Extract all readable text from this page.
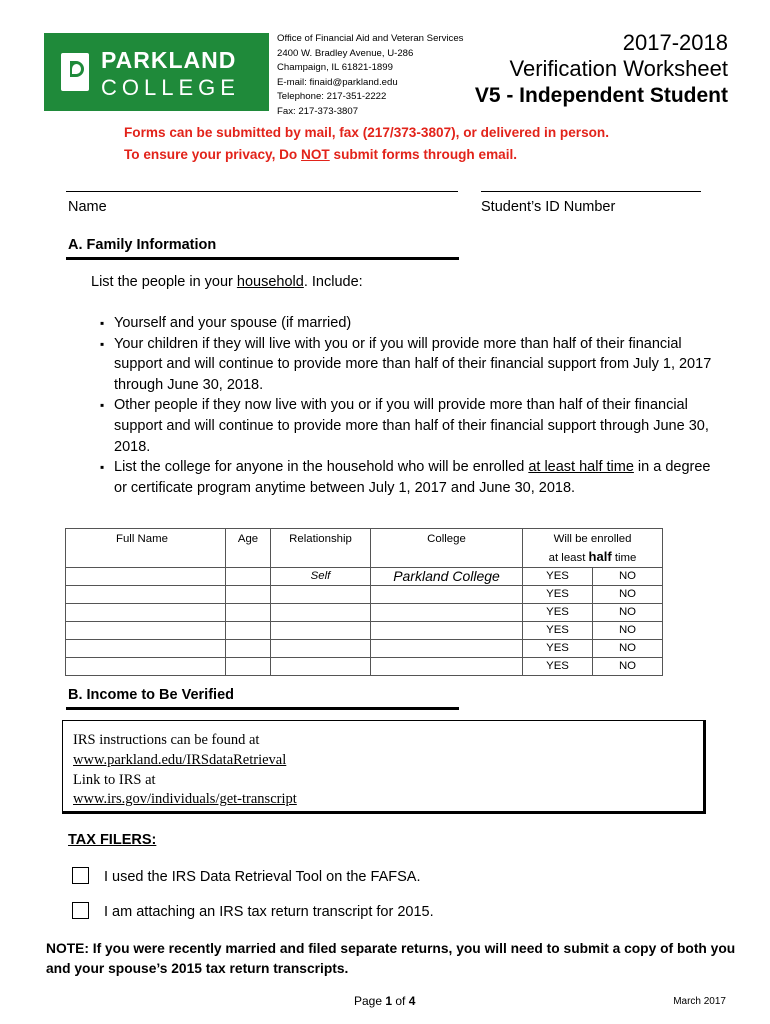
PARKLAND
COLLEGE
Office of Financial Aid and Veteran Services
2400 W. Bradley Avenue, U-286
Champaign, IL 61821-1899
E-mail: finaid@parkland.edu
Telephone: 217-351-2222
Fax: 217-373-3807
2017-2018
Verification Worksheet
V5 - Independent Student
Forms can be submitted by mail, fax (217/373-3807), or delivered in person.
To ensure your privacy, Do NOT submit forms through email.
Name	Student’s ID Number
A. Family Information
List the people in your household. Include:
▪ Yourself and your spouse (if married)
▪ Your children if they will live with you or if you will provide more than half of their financial support and will continue to provide more than half of their financial support from July 1, 2017 through June 30, 2018.
▪ Other people if they now live with you or if you will provide more than half of their financial support and will continue to provide more than half of their financial support through June 30, 2018.
▪ List the college for anyone in the household who will be enrolled at least half time in a degree or certificate program anytime between July 1, 2017 and June 30, 2018.
Full Name	Age	Relationship	College	Will be enrolled
at least half time	
		Self	Parkland College	YES	NO
				YES	NO
				YES	NO
				YES	NO
				YES	NO
				YES	NO
B. Income to Be Verified
IRS instructions can be found at
www.parkland.edu/IRSdataRetrieval
Link to IRS at
www.irs.gov/individuals/get-transcript
TAX FILERS:
I used the IRS Data Retrieval Tool on the FAFSA.
I am attaching an IRS tax return transcript for 2015.
NOTE: If you were recently married and filed separate returns, you will need to submit a copy of both you and your spouse’s 2015 tax return transcripts.
Page 1 of 4	March 2017
